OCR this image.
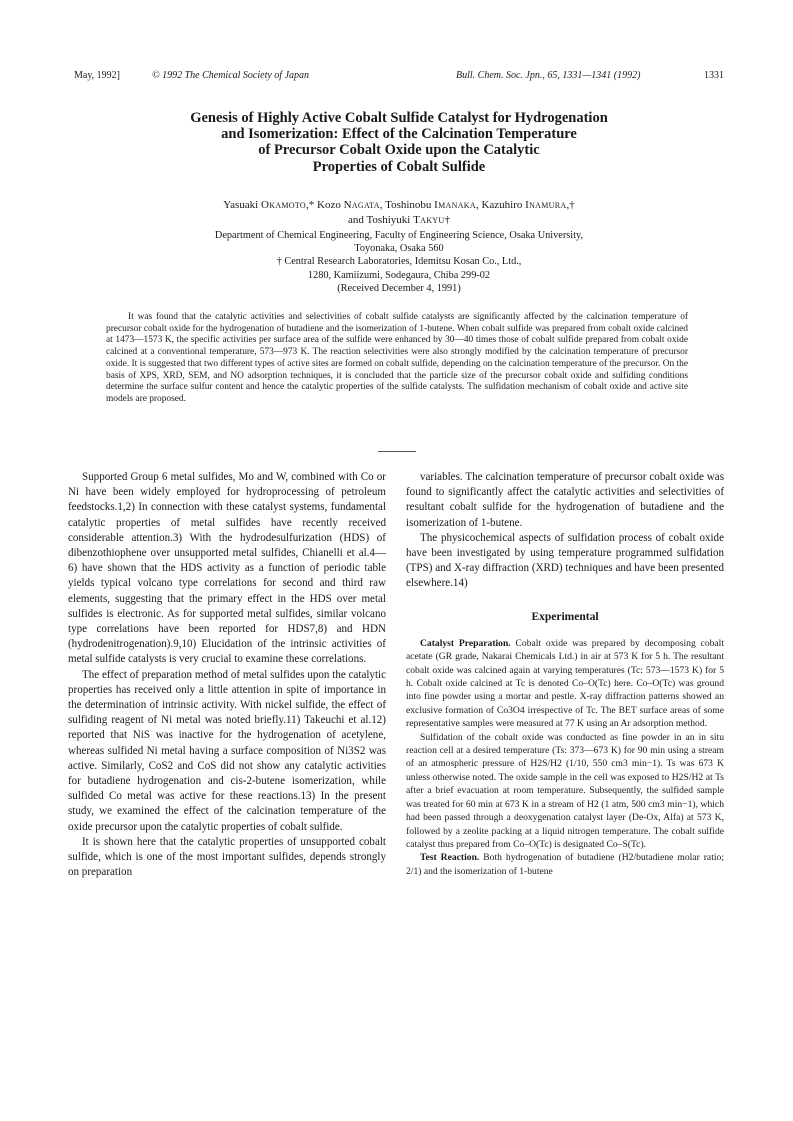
May, 1992]	© 1992 The Chemical Society of Japan	Bull. Chem. Soc. Jpn., 65, 1331—1341 (1992)	1331
Genesis of Highly Active Cobalt Sulfide Catalyst for Hydrogenation
and Isomerization: Effect of the Calcination Temperature
of Precursor Cobalt Oxide upon the Catalytic
Properties of Cobalt Sulfide
Yasuaki Okamoto,* Kozo Nagata, Toshinobu Imanaka, Kazuhiro Inamura,†
and Toshiyuki Takyu†
Department of Chemical Engineering, Faculty of Engineering Science, Osaka University,
Toyonaka, Osaka 560
† Central Research Laboratories, Idemitsu Kosan Co., Ltd.,
1280, Kamiizumi, Sodegaura, Chiba 299-02
(Received December 4, 1991)
It was found that the catalytic activities and selectivities of cobalt sulfide catalysts are significantly affected by the calcination temperature of precursor cobalt oxide for the hydrogenation of butadiene and the isomerization of 1-butene. When cobalt sulfide was prepared from cobalt oxide calcined at 1473—1573 K, the specific activities per surface area of the sulfide were enhanced by 30—40 times those of cobalt sulfide prepared from cobalt oxide calcined at a conventional temperature, 573—973 K. The reaction selectivities were also strongly modified by the calcination temperature of precursor oxide. It is suggested that two different types of active sites are formed on cobalt sulfide, depending on the calcination temperature of the precursor. On the basis of XPS, XRD, SEM, and NO adsorption techniques, it is concluded that the particle size of the precursor cobalt oxide and sulfiding conditions determine the surface sulfur content and hence the catalytic properties of the sulfide catalysts. The sulfidation mechanism of cobalt oxide and active site models are proposed.

Supported Group 6 metal sulfides, Mo and W, combined with Co or Ni have been widely employed for hydroprocessing of petroleum feedstocks.1,2) In connection with these catalyst systems, fundamental catalytic properties of metal sulfides have recently received considerable attention.3) With the hydrodesulfurization (HDS) of dibenzothiophene over unsupported metal sulfides, Chianelli et al.4—6) have shown that the HDS activity as a function of periodic table yields typical volcano type correlations for second and third raw elements, suggesting that the primary effect in the HDS over metal sulfides is electronic. As for supported metal sulfides, similar volcano type correlations have been reported for HDS7,8) and HDN (hydrodenitrogenation).9,10) Elucidation of the intrinsic activities of metal sulfide catalysts is very crucial to examine these correlations.

The effect of preparation method of metal sulfides upon the catalytic properties has received only a little attention in spite of importance in the determination of intrinsic activity. With nickel sulfide, the effect of sulfiding reagent of Ni metal was noted briefly.11) Takeuchi et al.12) reported that NiS was inactive for the hydrogenation of acetylene, whereas sulfided Ni metal having a surface composition of Ni3S2 was active. Similarly, CoS2 and CoS did not show any catalytic activities for butadiene hydrogenation and cis-2-butene isomerization, while sulfided Co metal was active for these reactions.13) In the present study, we examined the effect of the calcination temperature of the oxide precursor upon the catalytic properties of cobalt sulfide.

It is shown here that the catalytic properties of unsupported cobalt sulfide, which is one of the most important sulfides, depends strongly on preparation

variables. The calcination temperature of precursor cobalt oxide was found to significantly affect the catalytic activities and selectivities of resultant cobalt sulfide for the hydrogenation of butadiene and the isomerization of 1-butene.

The physicochemical aspects of sulfidation process of cobalt oxide have been investigated by using temperature programmed sulfidation (TPS) and X-ray diffraction (XRD) techniques and have been presented elsewhere.14)

Experimental

Catalyst Preparation. Cobalt oxide was prepared by decomposing cobalt acetate (GR grade, Nakarai Chemicals Ltd.) in air at 573 K for 5 h. The resultant cobalt oxide was calcined again at varying temperatures (Tc: 573—1573 K) for 5 h. Cobalt oxide calcined at Tc is denoted Co–O(Tc) here. Co–O(Tc) was ground into fine powder using a mortar and pestle. X-ray diffraction patterns showed an exclusive formation of Co3O4 irrespective of Tc. The BET surface areas of some representative samples were measured at 77 K using an Ar adsorption method.

Sulfidation of the cobalt oxide was conducted as fine powder in an in situ reaction cell at a desired temperature (Ts: 373—673 K) for 90 min using a stream of an atmospheric pressure of H2S/H2 (1/10, 550 cm3 min−1). Ts was 673 K unless otherwise noted. The oxide sample in the cell was exposed to H2S/H2 at Ts after a brief evacuation at room temperature. Subsequently, the sulfided sample was treated for 60 min at 673 K in a stream of H2 (1 atm, 500 cm3 min−1), which had been passed through a deoxygenation catalyst layer (De-Ox, Alfa) at 573 K, followed by a zeolite packing at a liquid nitrogen temperature. The cobalt sulfide catalyst thus prepared from Co–O(Tc) is designated Co–S(Tc).

Test Reaction. Both hydrogenation of butadiene (H2/butadiene molar ratio; 2/1) and the isomerization of 1-butene
